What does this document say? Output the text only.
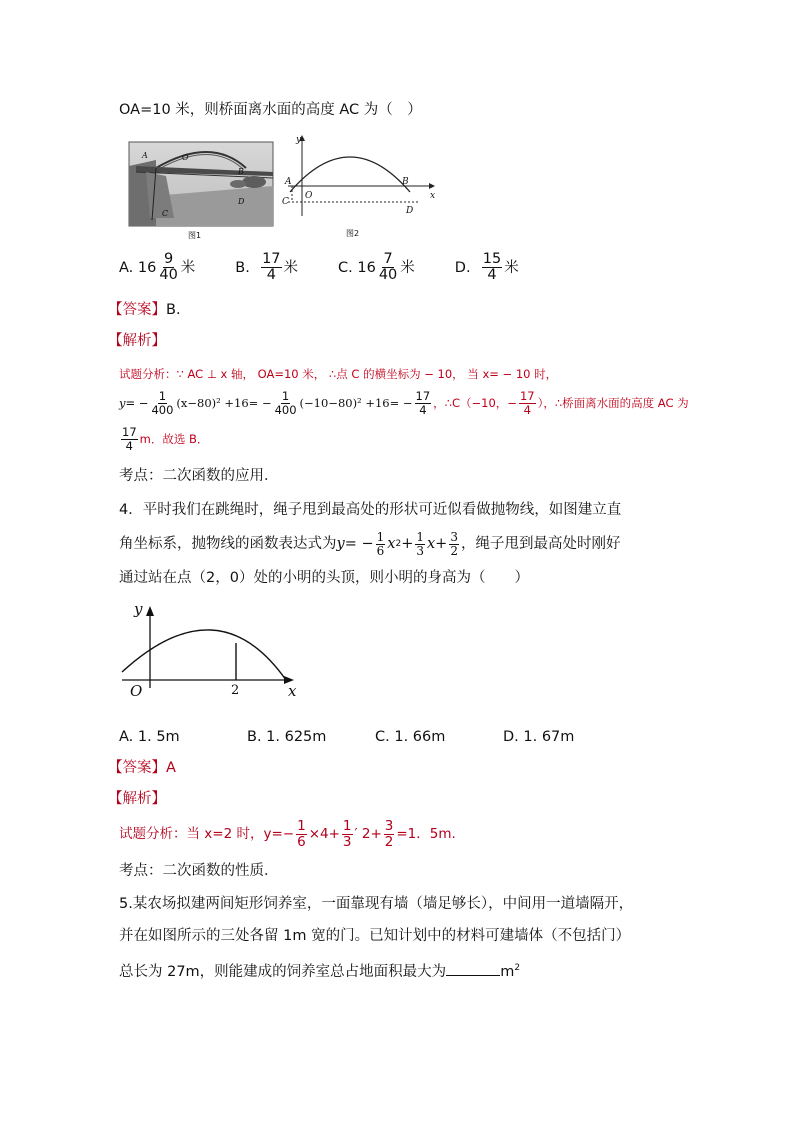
OA=10 米，则桥面离水面的高度 AC 为（　）
A	O
B
D
C
图1
y
x
A
O
B
C
D
图2
A.
$16 \frac{9}{40}$ 米	B.
$\frac{17}{4}$ 米	C.
$16 \frac{7}{40}$ 米	D.
$\frac{15}{4}$ 米
【答案】B.
【解析】
试题分析：∵ AC ⊥ x 轴， OA=10 米， ∴点 C 的横坐标为 − 10， 当 x= − 10 时，
y = − $\frac{1}{400} (x-80)^2 +16= - \frac{1}{400} (-10-80)^2 +16= - \frac{17}{4}$ ，∴C（−10，− $\frac{17}{4}$ ），∴桥面离水面的高度 AC 为
$\frac{17}{4}$ m．故选 B．
考点：二次函数的应用．
4．平时我们在跳绳时，绳子甩到最高处的形状可近似看做抛物线，如图建立直
角坐标系，抛物线的函数表达式为 y = − $\frac{1}{6}$ x $2 + \frac{1}{3}$ $x + \frac{3}{2}$ ，绳子甩到最高处时刚好
通过站在点（2，0）处的小明的头顶，则小明的身高为（　　）
y
x
O	2
A. 1. 5m	B. 1. 625m	C. 1. 66m	D. 1. 67m
【答案】A
【解析】
试题分析：当 x=2 时，$y=- \frac{1}{6} \times 4+ \frac{1}{3}$ ′ $2+ \frac{3}{2} =1$．5m.
考点：二次函数的性质．
5.某农场拟建两间矩形饲养室，一面靠现有墙（墙足够长），中间用一道墙隔开，
并在如图所示的三处各留 1m 宽的门。已知计划中的材料可建墙体（不包括门）
总长为 27m，则能建成的饲养室总占地面积最大为	$m^2$
